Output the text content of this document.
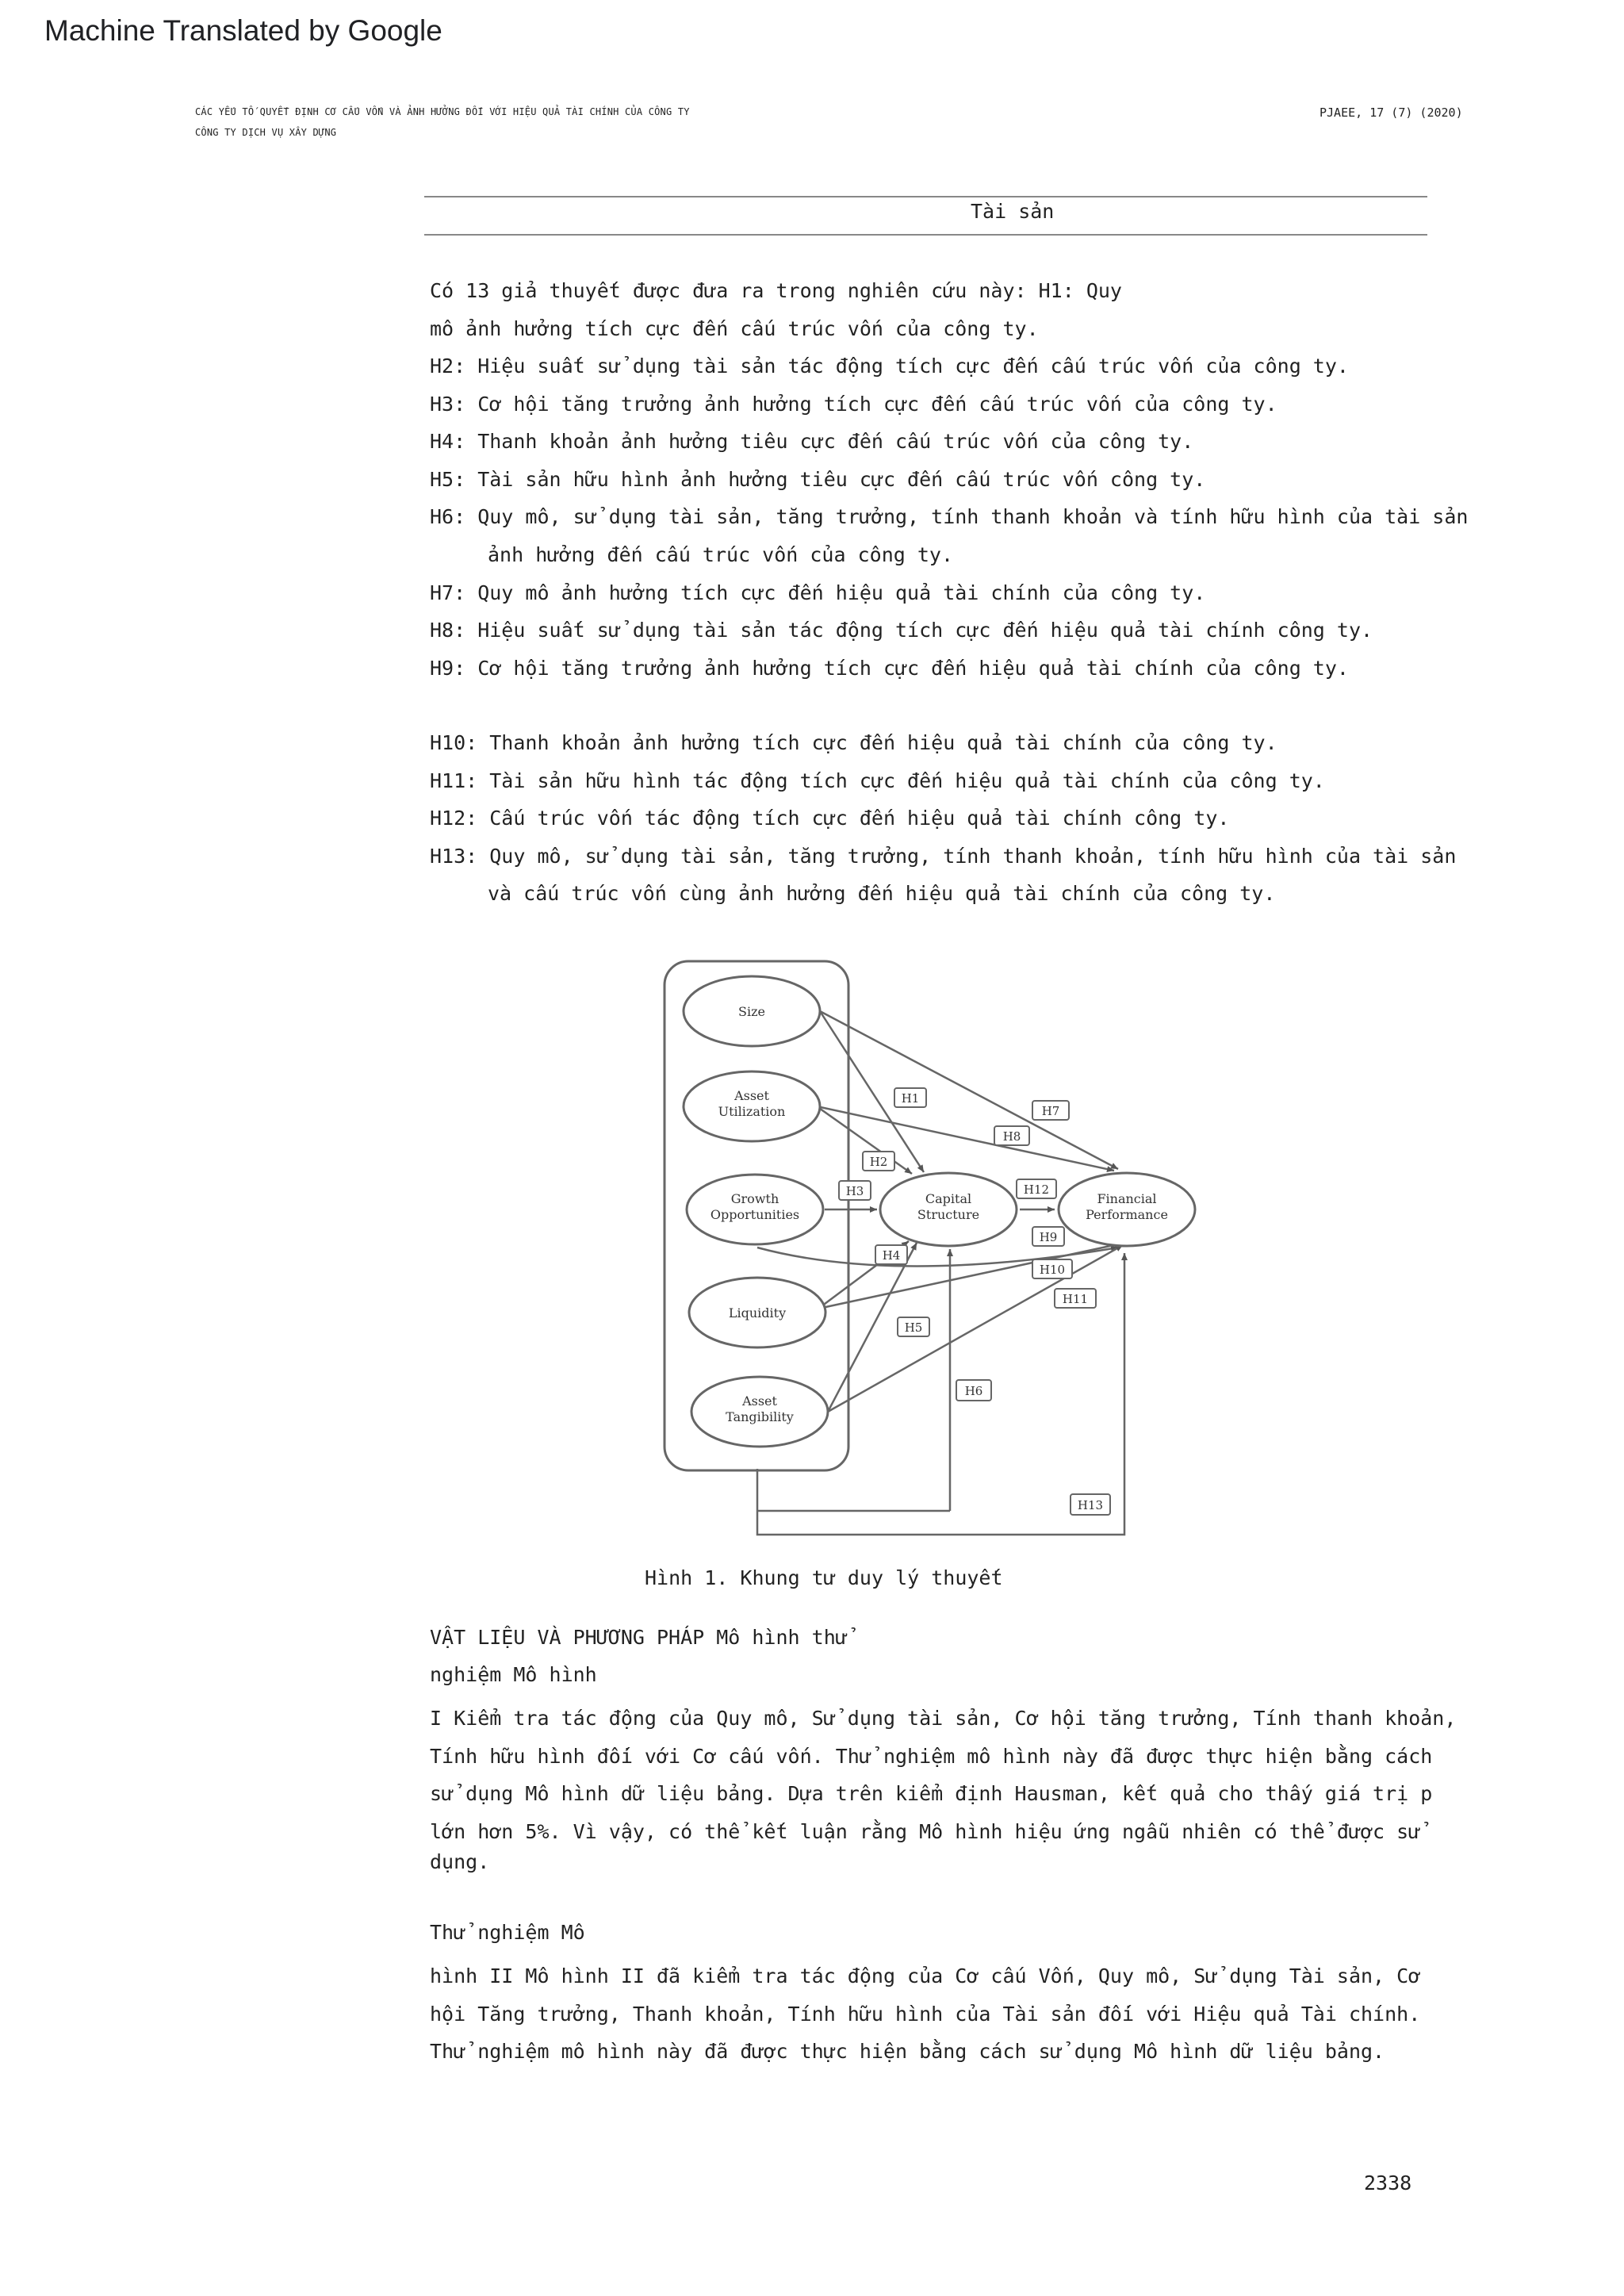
Machine Translated by Google
CÁC YẾU TỐ QUYẾT ĐỊNH CƠ CẤU VỐN VÀ ẢNH HƯỞNG ĐỐI VỚI HIỆU QUẢ TÀI CHÍNH CỦA CÔNG TY
CÔNG TY DỊCH VỤ XÂY DỰNG
PJAEE, 17 (7) (2020)
Tài sản
Có 13 giả thuyết được đưa ra trong nghiên cứu này: H1: Quy
mô ảnh hưởng tích cực đến cấu trúc vốn của công ty.
H2: Hiệu suất sử dụng tài sản tác động tích cực đến cấu trúc vốn của công ty.
H3: Cơ hội tăng trưởng ảnh hưởng tích cực đến cấu trúc vốn của công ty.
H4: Thanh khoản ảnh hưởng tiêu cực đến cấu trúc vốn của công ty.
H5: Tài sản hữu hình ảnh hưởng tiêu cực đến cấu trúc vốn công ty.
H6: Quy mô, sử dụng tài sản, tăng trưởng, tính thanh khoản và tính hữu hình của tài sản
ảnh hưởng đến cấu trúc vốn của công ty.
H7: Quy mô ảnh hưởng tích cực đến hiệu quả tài chính của công ty.
H8: Hiệu suất sử dụng tài sản tác động tích cực đến hiệu quả tài chính công ty.
H9: Cơ hội tăng trưởng ảnh hưởng tích cực đến hiệu quả tài chính của công ty.
H10: Thanh khoản ảnh hưởng tích cực đến hiệu quả tài chính của công ty.
H11: Tài sản hữu hình tác động tích cực đến hiệu quả tài chính của công ty.
H12: Cấu trúc vốn tác động tích cực đến hiệu quả tài chính công ty.
H13: Quy mô, sử dụng tài sản, tăng trưởng, tính thanh khoản, tính hữu hình của tài sản
và cấu trúc vốn cùng ảnh hưởng đến hiệu quả tài chính của công ty.
Size
Asset
Utilization
Growth
Opportunities
Liquidity
Asset
Tangibility
Capital
Structure
Financial
Performance
H1
H2
H3
H4
H5
H6
H7
H8
H9
H10
H11
H12
H13
Hình 1. Khung tư duy lý thuyết
VẬT LIỆU VÀ PHƯƠNG PHÁP Mô hình thử
nghiệm Mô hình
I Kiểm tra tác động của Quy mô, Sử dụng tài sản, Cơ hội tăng trưởng, Tính thanh khoản,
Tính hữu hình đối với Cơ cấu vốn. Thử nghiệm mô hình này đã được thực hiện bằng cách
sử dụng Mô hình dữ liệu bảng. Dựa trên kiểm định Hausman, kết quả cho thấy giá trị p
lớn hơn 5%. Vì vậy, có thể kết luận rằng Mô hình hiệu ứng ngẫu nhiên có thể được sử
dụng.
Thử nghiệm Mô
hình II Mô hình II đã kiểm tra tác động của Cơ cấu Vốn, Quy mô, Sử dụng Tài sản, Cơ
hội Tăng trưởng, Thanh khoản, Tính hữu hình của Tài sản đối với Hiệu quả Tài chính.
Thử nghiệm mô hình này đã được thực hiện bằng cách sử dụng Mô hình dữ liệu bảng.
2338
